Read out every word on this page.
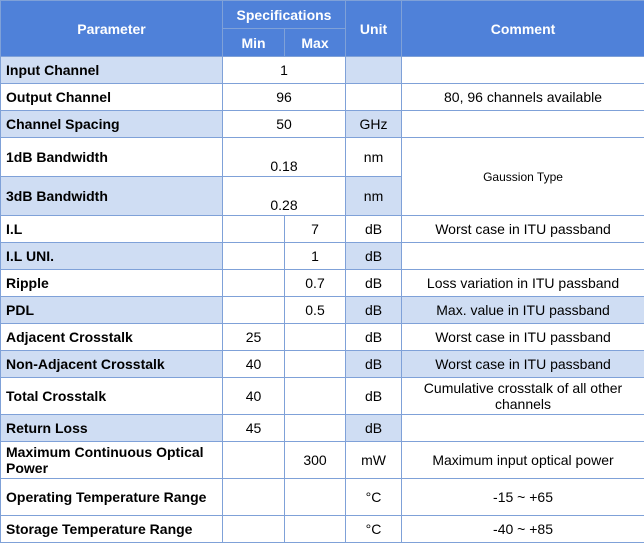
Parameter	Specifications		Unit	Comment
	Min	Max		
Input Channel	1			
Output Channel	96			80, 96 channels available
Channel Spacing	50		GHz	
1dB Bandwidth	0.18		nm	Gaussion Type
3dB Bandwidth	0.28		nm	
I.L		7	dB	Worst case in ITU passband
I.L UNI.		1	dB	
Ripple		0.7	dB	Loss variation in ITU passband
PDL		0.5	dB	Max. value in ITU passband
Adjacent Crosstalk	25		dB	Worst case in ITU passband
Non-Adjacent Crosstalk	40		dB	Worst case in ITU passband
Total Crosstalk	40		dB	Cumulative crosstalk of all other channels
Return Loss	45		dB	
Maximum Continuous Optical Power		300	mW	Maximum input optical power
Operating Temperature Range			°C	-15 ~ +65
Storage Temperature Range			°C	-40 ~ +85
